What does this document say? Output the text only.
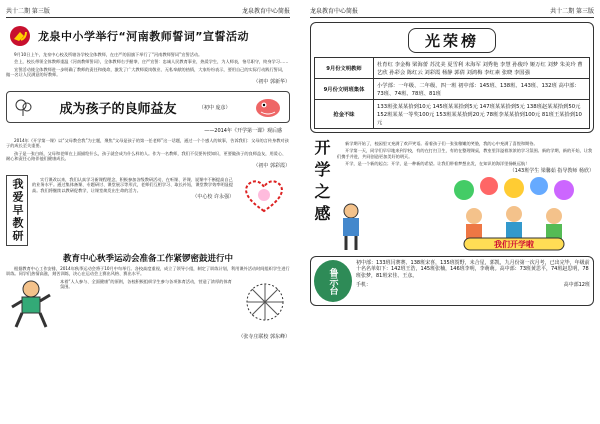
共十二期 第三版	龙泉教育中心简报
龙泉中小学举行“河南教师誓词”宣誓活动
9月10日上午，龙泉中心校及所辖各学校全体教师，在庄严的国旗下举行了“河南教师誓词”宣誓活动。
会上，校长带领全体教师重温《河南教师誓词》，全体教师右手握拳，庄严宣誓：忠诚人民教育事业，热爱学生，为人师表，恪尽职守，终身学习……
宣誓活动使全体教师进一步明确了教师的责任和使命，激发了广大教师爱岗敬业、无私奉献的热情，大家纷纷表示，要用自己的实际行动践行誓词，做一名让人民满意的好教师。
（初中 郭新华）
成为孩子的良师益友	（初中 庞彦）
——2014年《开学第一课》观后感
2014年《开学第一课》以“父母教会我”为主题，聚焦“父母是孩子的第一任老师”这一话题，通过一个个感人的故事，告诉我们：父母的言传身教对孩子的成长至关重要。
孩子是一张白纸，父母和老师在上面描绘什么，孩子就会成为什么样的人。作为一名教师，我们不仅要传授知识，更要做孩子的良师益友，用爱心、耐心和责任心陪伴他们健康成长。
（初中 郭彩霞）
我爱早教研	实行课改以来，我们认真学习新课程理念，积极参加各级教研活动，在听课、评课、说课中不断提高自己的业务水平。通过集体备课、专题研讨、课堂展示等形式，老师们互相学习、取长补短，课堂教学效率明显提高。我们将继续以教研促教学，让课堂焕发出生命的活力。
（中心校 许永强）
教育中心秋季运动会准备工作紧锣密鼓进行中
根据教育中心工作安排，2014年秋季运动会将于10月中旬举行。各校高度重视，成立了领导小组，制定了训练计划，利用课外活动时间组织学生进行训练。同学们热情高涨，刻苦训练，决心在运动会上赛出风格、赛出水平。
本着“人人参与、全面健康”的原则，各校积极组织学生参与各项体育活动，营造了浓厚的体育氛围。
（张寺庄联校 郭东峰）
龙泉教育中心简报	共十二期 第三版
光荣榜
9月份文明教师	杜育红 李金梅 梁海蕾 苏沈美 夏雪利 未海军 刘秀艳 李慧 孙俊玲 姬万红 刘梦 朱美玲 曹艺欣 孙彩会 陈红云 刘彩霞 杨静 郭倩 刘鸿梅 李红素 张晓 李国强
9月份文明班集体	小学部：一年级、二年级、四一班 初中部：145班、138班、143班、132班 高中部：73班、74班、78班、81班
抢金不昧	133班张某某拾到10元 145班某某拾到5元 147班某某拾到5元 138班赵某某拾到50元 152班某某一等奖100元 153班某某拾到20元 78班李某某拾到100元 81班王某拾到10元
开学之感	新学期开始了，校园里又充满了欢声笑语。看着孩子们一张张稚嫩的笑脸，我的心中充满了喜悦和期待。
开学第一天，同学们早早地来到学校，有的在打扫卫生，有的在整理课桌，教室里洋溢着浓浓的学习氛围。新的学期，新的开始，让我们携手并进，共同创造更加美好的明天。
开学，是一个新的起点；开学，是一种新的希望。让我们带着梦想出发，在知识的海洋里扬帆远航！
（143班学生 梁馨茹 指导教师 杨欣）
我们开学啦
鲁示台
初中部：133班闫赛赛、138班宋喜，135班贺野，未合星，郭凯，九月份第一次月考，已出完毕，年级前十名名单如下：142班王浩，145班张楠，146班李明，李萌萌。高中部：73班黄思平，74班赵思明，78班张梦，81班宋佳、王彦。
手机：	高中部12班
